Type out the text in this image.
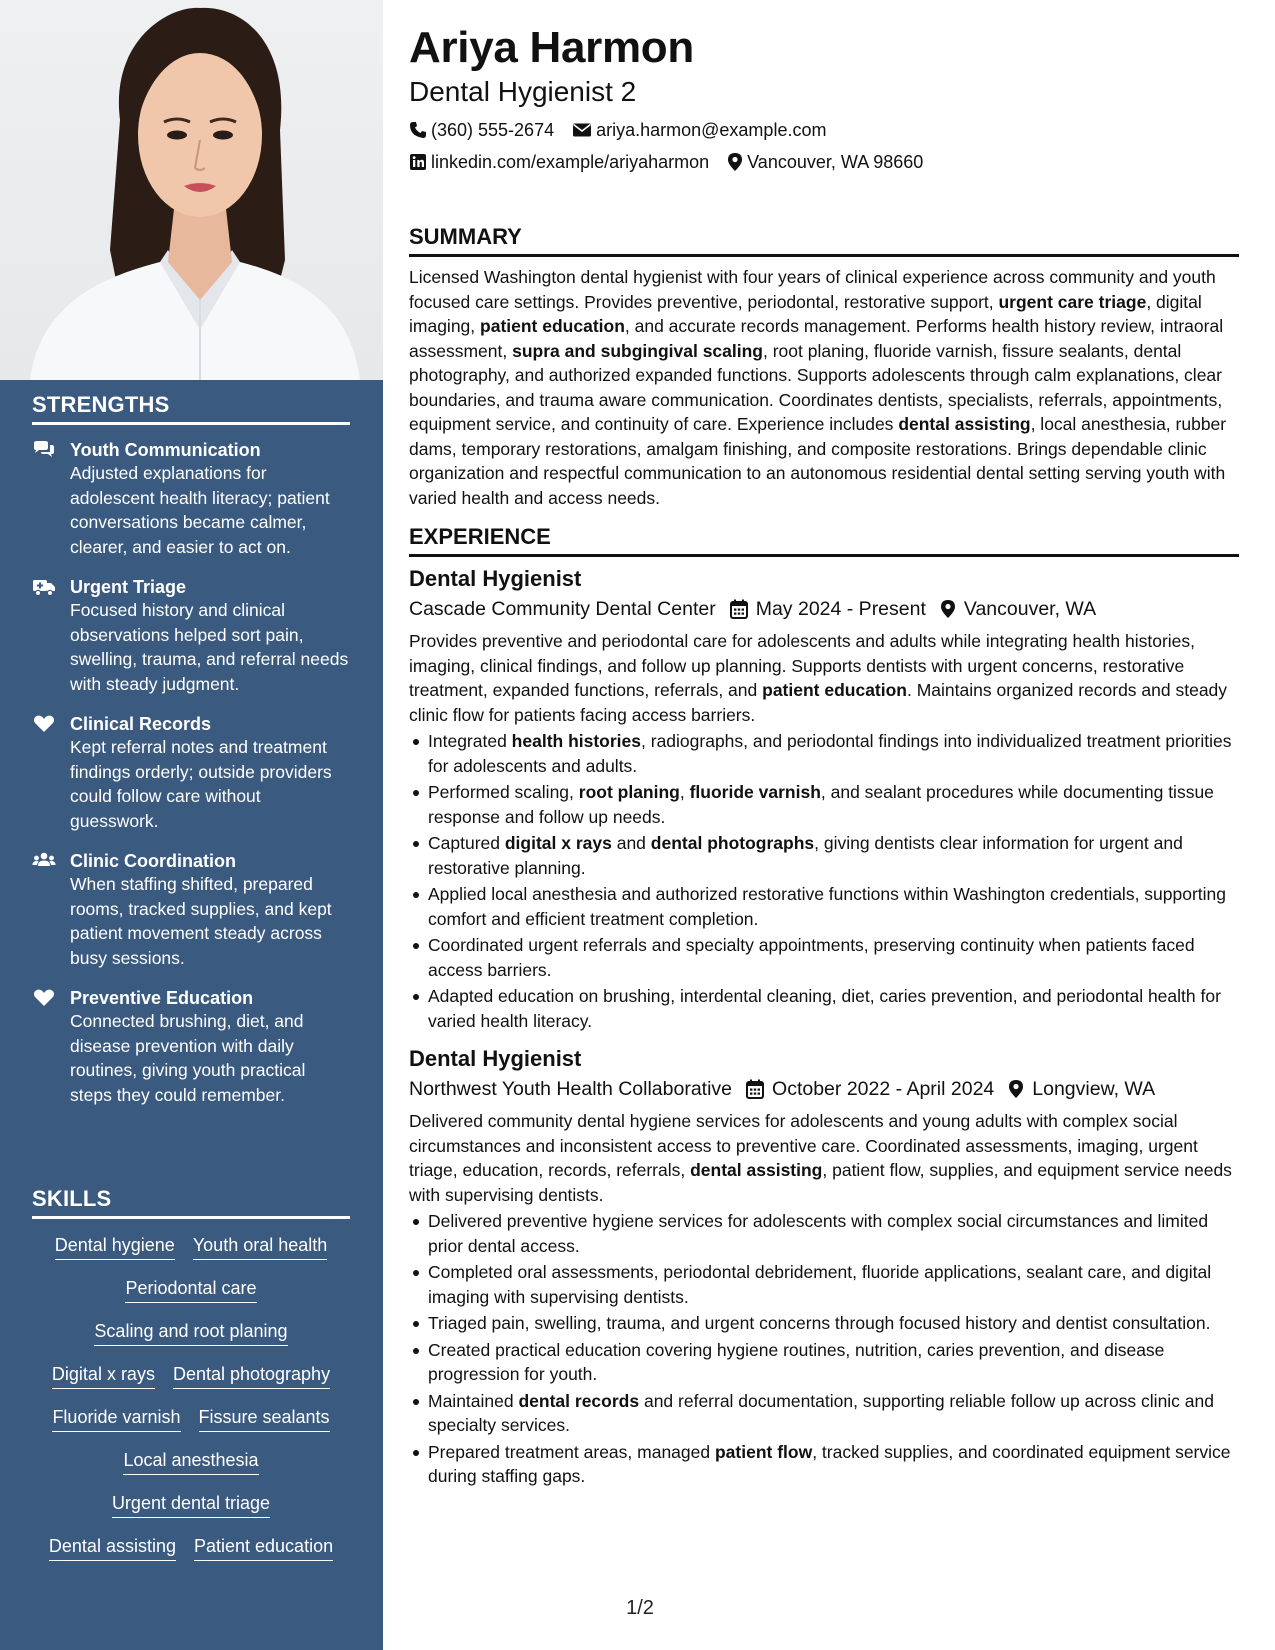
STRENGTHS
Youth Communication
Adjusted explanations for adolescent health literacy; patient conversations became calmer, clearer, and easier to act on.
Urgent Triage
Focused history and clinical observations helped sort pain, swelling, trauma, and referral needs with steady judgment.
Clinical Records
Kept referral notes and treatment findings orderly; outside providers could follow care without guesswork.
Clinic Coordination
When staffing shifted, prepared rooms, tracked supplies, and kept patient movement steady across busy sessions.
Preventive Education
Connected brushing, diet, and disease prevention with daily routines, giving youth practical steps they could remember.
SKILLS
Dental hygiene Youth oral health
Periodontal care
Scaling and root planing
Digital x rays Dental photography
Fluoride varnish Fissure sealants
Local anesthesia
Urgent dental triage
Dental assisting Patient education
Ariya Harmon
Dental Hygienist 2
(360) 555-2674 ariya.harmon@example.com
linkedin.com/example/ariyaharmon Vancouver, WA 98660
SUMMARY
Licensed Washington dental hygienist with four years of clinical experience across community and youth focused care settings. Provides preventive, periodontal, restorative support, urgent care triage, digital imaging, patient education, and accurate records management. Performs health history review, intraoral assessment, supra and subgingival scaling, root planing, fluoride varnish, fissure sealants, dental photography, and authorized expanded functions. Supports adolescents through calm explanations, clear boundaries, and trauma aware communication. Coordinates dentists, specialists, referrals, appointments, equipment service, and continuity of care. Experience includes dental assisting, local anesthesia, rubber dams, temporary restorations, amalgam finishing, and composite restorations. Brings dependable clinic organization and respectful communication to an autonomous residential dental setting serving youth with varied health and access needs.
EXPERIENCE
Dental Hygienist
Cascade Community Dental Center May 2024 - Present Vancouver, WA
Provides preventive and periodontal care for adolescents and adults while integrating health histories, imaging, clinical findings, and follow up planning. Supports dentists with urgent concerns, restorative treatment, expanded functions, referrals, and patient education. Maintains organized records and steady clinic flow for patients facing access barriers.
Integrated health histories, radiographs, and periodontal findings into individualized treatment priorities for adolescents and adults.
Performed scaling, root planing, fluoride varnish, and sealant procedures while documenting tissue response and follow up needs.
Captured digital x rays and dental photographs, giving dentists clear information for urgent and restorative planning.
Applied local anesthesia and authorized restorative functions within Washington credentials, supporting comfort and efficient treatment completion.
Coordinated urgent referrals and specialty appointments, preserving continuity when patients faced access barriers.
Adapted education on brushing, interdental cleaning, diet, caries prevention, and periodontal health for varied health literacy.
Dental Hygienist
Northwest Youth Health Collaborative October 2022 - April 2024 Longview, WA
Delivered community dental hygiene services for adolescents and young adults with complex social circumstances and inconsistent access to preventive care. Coordinated assessments, imaging, urgent triage, education, records, referrals, dental assisting, patient flow, supplies, and equipment service needs with supervising dentists.
Delivered preventive hygiene services for adolescents with complex social circumstances and limited prior dental access.
Completed oral assessments, periodontal debridement, fluoride applications, sealant care, and digital imaging with supervising dentists.
Triaged pain, swelling, trauma, and urgent concerns through focused history and dentist consultation.
Created practical education covering hygiene routines, nutrition, caries prevention, and disease progression for youth.
Maintained dental records and referral documentation, supporting reliable follow up across clinic and specialty services.
Prepared treatment areas, managed patient flow, tracked supplies, and coordinated equipment service during staffing gaps.
1/2
